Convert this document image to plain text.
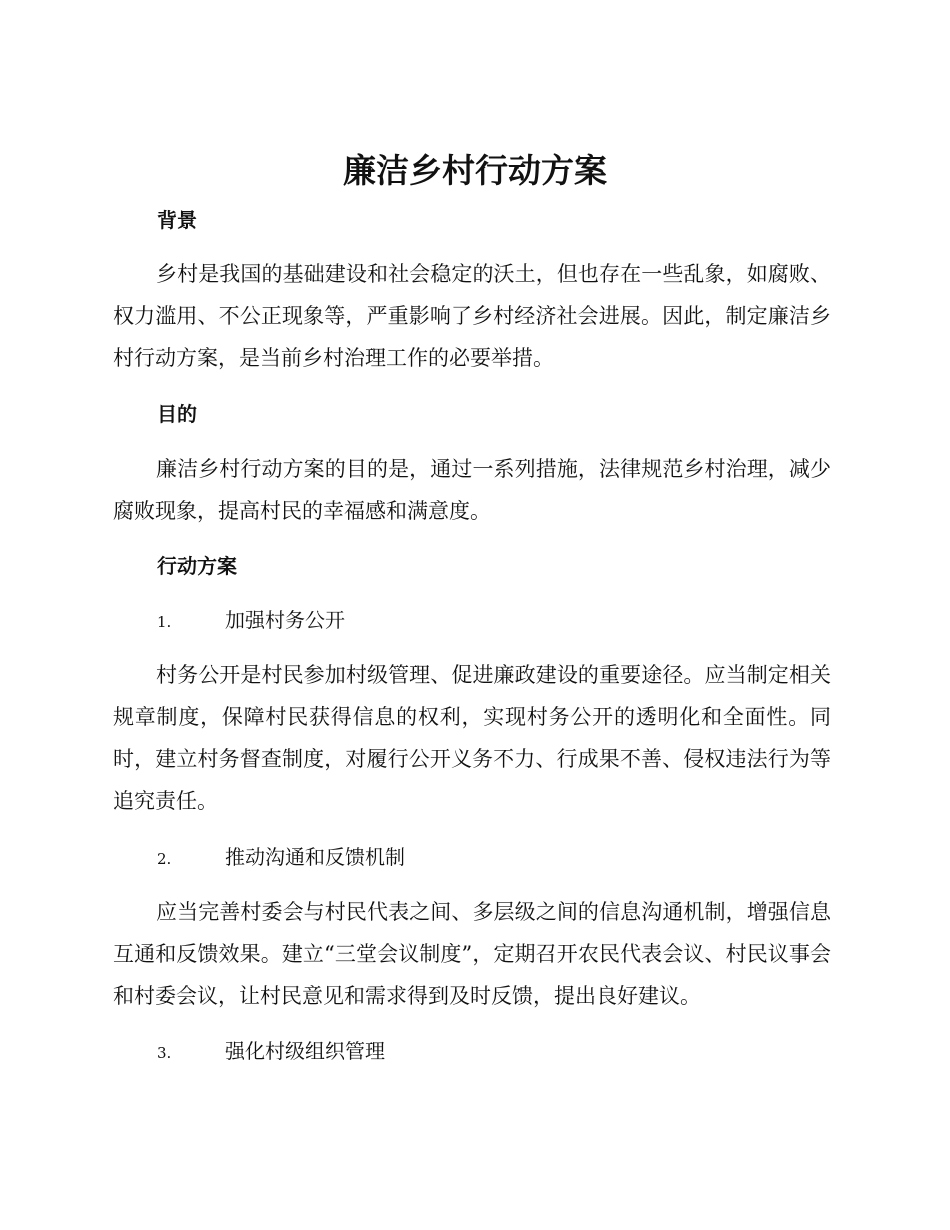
廉洁乡村行动方案
背景

乡村是我国的基础建设和社会稳定的沃土，但也存在一些乱象，如腐败、权力滥用、不公正现象等，严重影响了乡村经济社会进展。因此，制定廉洁乡村行动方案，是当前乡村治理工作的必要举措。

目的

廉洁乡村行动方案的目的是，通过一系列措施，法律规范乡村治理，减少腐败现象，提高村民的幸福感和满意度。

行动方案
1.	加强村务公开

村务公开是村民参加村级管理、促进廉政建设的重要途径。应当制定相关规章制度，保障村民获得信息的权利，实现村务公开的透明化和全面性。同时，建立村务督查制度，对履行公开义务不力、行成果不善、侵权违法行为等追究责任。

2.	推动沟通和反馈机制

应当完善村委会与村民代表之间、多层级之间的信息沟通机制，增强信息互通和反馈效果。建立“三堂会议制度”，定期召开农民代表会议、村民议事会和村委会议，让村民意见和需求得到及时反馈，提出良好建议。

3.	强化村级组织管理
